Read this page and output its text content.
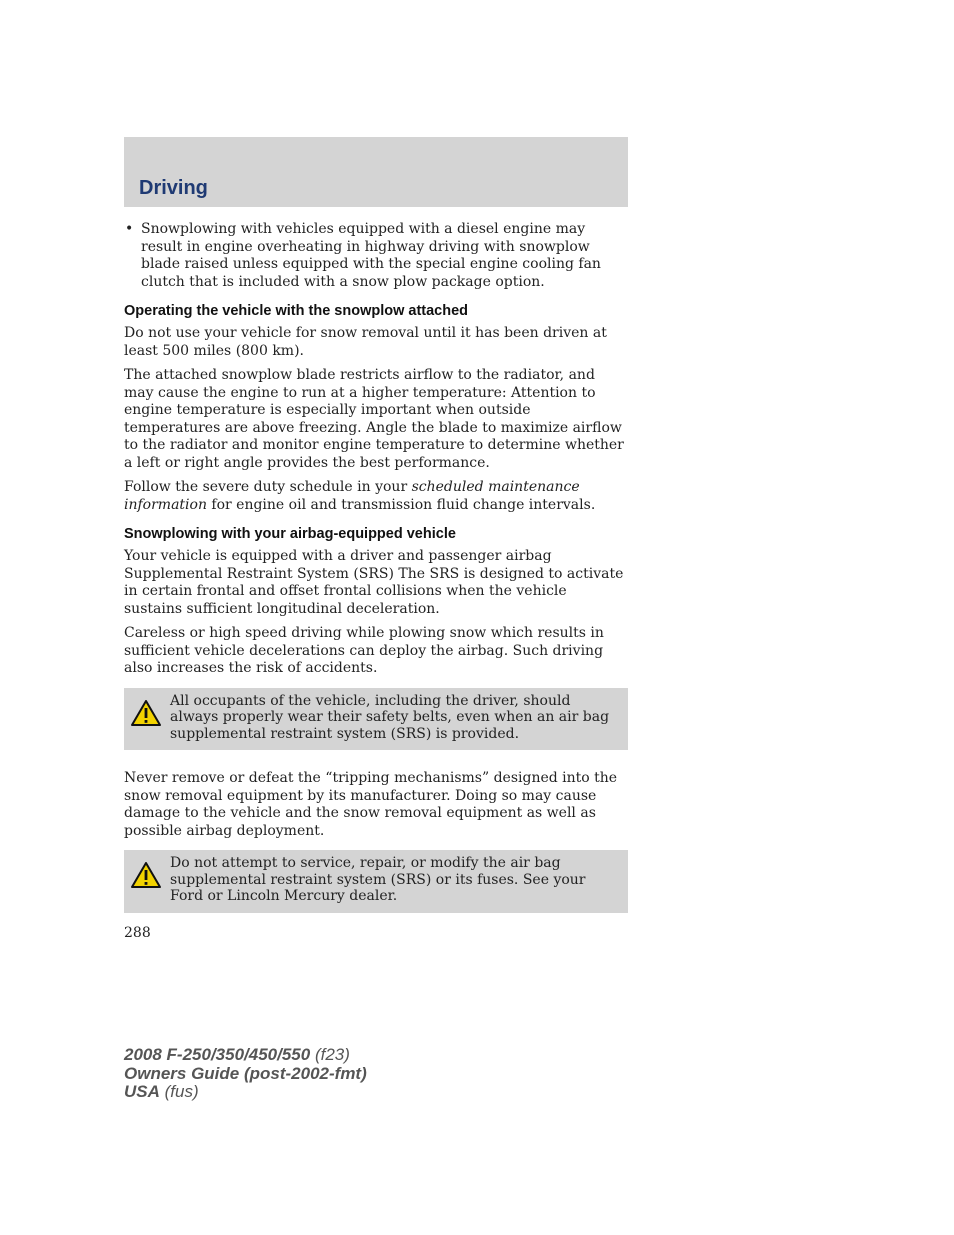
Driving
• Snowplowing with vehicles equipped with a diesel engine may result in engine overheating in highway driving with snowplow blade raised unless equipped with the special engine cooling fan clutch that is included with a snow plow package option.
Operating the vehicle with the snowplow attached

Do not use your vehicle for snow removal until it has been driven at least 500 miles (800 km).

The attached snowplow blade restricts airflow to the radiator, and may cause the engine to run at a higher temperature: Attention to engine temperature is especially important when outside temperatures are above freezing. Angle the blade to maximize airflow to the radiator and monitor engine temperature to determine whether a left or right angle provides the best performance.

Follow the severe duty schedule in your scheduled maintenance information for engine oil and transmission fluid change intervals.

Snowplowing with your airbag-equipped vehicle

Your vehicle is equipped with a driver and passenger airbag Supplemental Restraint System (SRS) The SRS is designed to activate in certain frontal and offset frontal collisions when the vehicle sustains sufficient longitudinal deceleration.

Careless or high speed driving while plowing snow which results in sufficient vehicle decelerations can deploy the airbag. Such driving also increases the risk of accidents.

All occupants of the vehicle, including the driver, should always properly wear their safety belts, even when an air bag supplemental restraint system (SRS) is provided.

Never remove or defeat the “tripping mechanisms” designed into the snow removal equipment by its manufacturer. Doing so may cause damage to the vehicle and the snow removal equipment as well as possible airbag deployment.

Do not attempt to service, repair, or modify the air bag supplemental restraint system (SRS) or its fuses. See your Ford or Lincoln Mercury dealer.
288
2008 F-250/350/450/550 (f23)
Owners Guide (post-2002-fmt)
USA (fus)
